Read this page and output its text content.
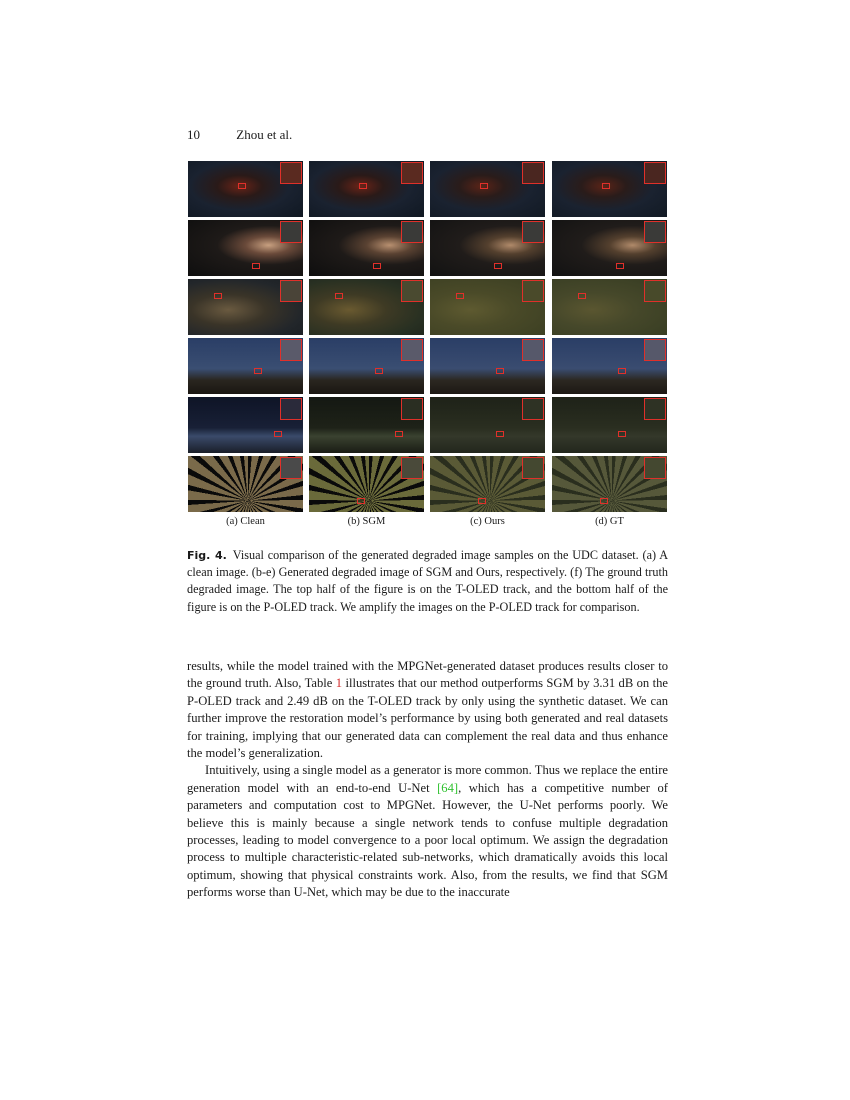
10	Zhou et al.
(a) Clean	(b) SGM	(c) Ours	(d) GT
Fig. 4. Visual comparison of the generated degraded image samples on the UDC dataset. (a) A clean image. (b-e) Generated degraded image of SGM and Ours, respectively. (f) The ground truth degraded image. The top half of the figure is on the T-OLED track, and the bottom half of the figure is on the P-OLED track. We amplify the images on the P-OLED track for comparison.

results, while the model trained with the MPGNet-generated dataset produces results closer to the ground truth. Also, Table 1 illustrates that our method outperforms SGM by 3.31 dB on the P-OLED track and 2.49 dB on the T-OLED track by only using the synthetic dataset. We can further improve the restoration model’s performance by using both generated and real datasets for training, implying that our generated data can complement the real data and thus enhance the model’s generalization.

Intuitively, using a single model as a generator is more common. Thus we replace the entire generation model with an end-to-end U-Net [64], which has a competitive number of parameters and computation cost to MPGNet. However, the U-Net performs poorly. We believe this is mainly because a single network tends to confuse multiple degradation processes, leading to model convergence to a poor local optimum. We assign the degradation process to multiple characteristic-related sub-networks, which dramatically avoids this local optimum, showing that physical constraints work. Also, from the results, we find that SGM performs worse than U-Net, which may be due to the inaccurate
